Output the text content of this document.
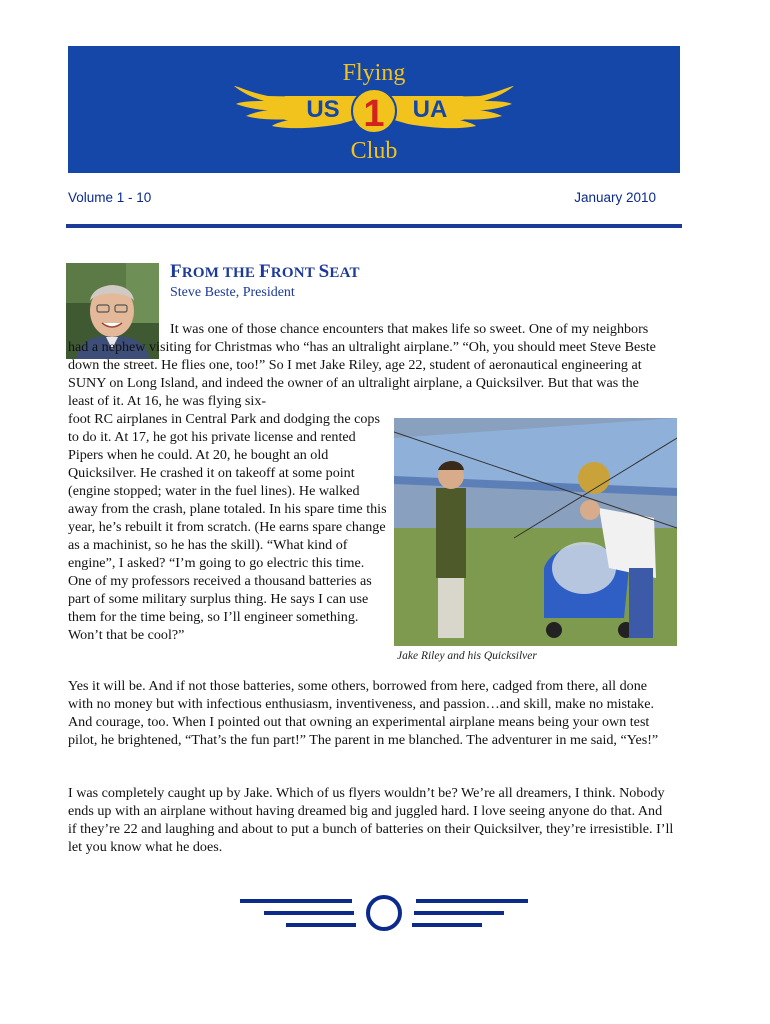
Flying
US 1 UA
Club
Volume 1 - 10	January 2010
FROM THE FRONT SEAT
Steve Beste, President

It was one of those chance encounters that makes life so sweet. One of my neighbors had a nephew visiting for Christmas who “has an ultralight airplane.” “Oh, you should meet Steve Beste down the street. He flies one, too!” So I met Jake Riley, age 22, student of aeronautical engineering at SUNY on Long Island, and indeed the owner of an ultralight airplane, a Quicksilver. But that was the least of it. At 16, he was flying six-

foot RC airplanes in Central Park and dodging the cops to do it. At 17, he got his private license and rented Pipers when he could. At 20, he bought an old Quicksilver. He crashed it on takeoff at some point (engine stopped; water in the fuel lines). He walked away from the crash, plane totaled. In his spare time this year, he’s rebuilt it from scratch. (He earns spare change as a machinist, so he has the skill). “What kind of engine”, I asked? “I’m going to go electric this time. One of my professors received a thousand batteries as part of some military surplus thing. He says I can use them for the time being, so I’ll engineer something. Won’t that be cool?”

Jake Riley and his Quicksilver

Yes it will be. And if not those batteries, some others, borrowed from here, cadged from there, all done with no money but with infectious enthusiasm, inventiveness, and passion…and skill, make no mistake. And courage, too. When I pointed out that owning an experimental airplane means being your own test pilot, he brightened, “That’s the fun part!” The parent in me blanched. The adventurer in me said, “Yes!”

I was completely caught up by Jake. Which of us flyers wouldn’t be? We’re all dreamers, I think. Nobody ends up with an airplane without having dreamed big and juggled hard. I love seeing anyone do that. And if they’re 22 and laughing and about to put a bunch of batteries on their Quicksilver, they’re irresistible. I’ll let you know what he does.
